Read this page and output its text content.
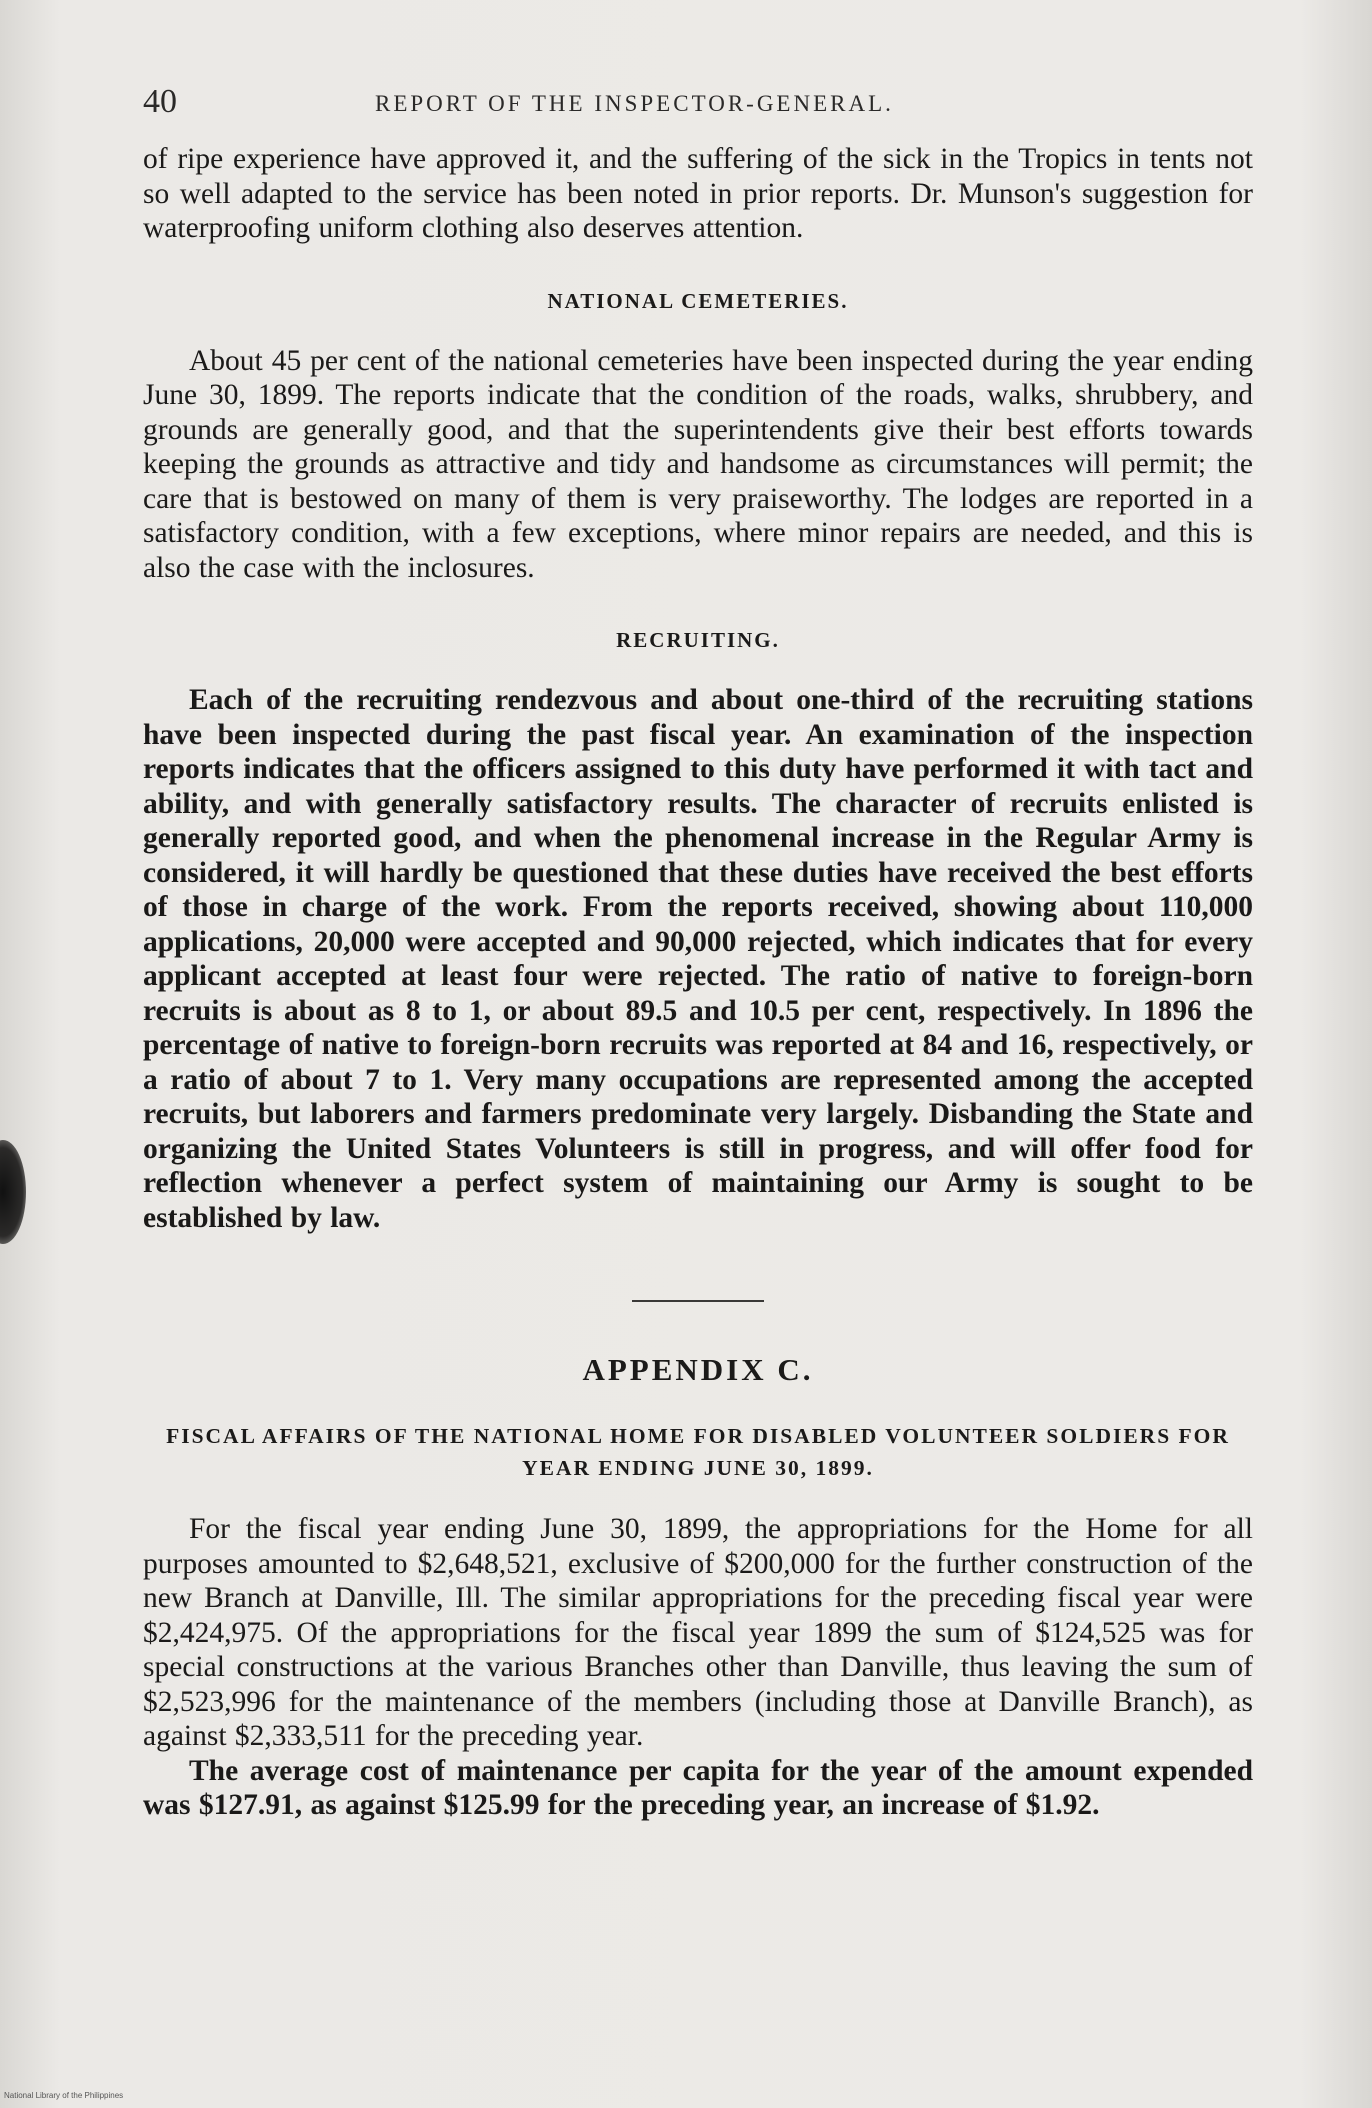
40	REPORT OF THE INSPECTOR-GENERAL.

of ripe experience have approved it, and the suffering of the sick in the Tropics in tents not so well adapted to the service has been noted in prior reports. Dr. Munson's suggestion for waterproofing uniform clothing also deserves attention.

NATIONAL CEMETERIES.

About 45 per cent of the national cemeteries have been inspected during the year ending June 30, 1899. The reports indicate that the condition of the roads, walks, shrubbery, and grounds are generally good, and that the superintendents give their best efforts towards keeping the grounds as attractive and tidy and handsome as circumstances will permit; the care that is bestowed on many of them is very praiseworthy. The lodges are reported in a satisfactory condition, with a few exceptions, where minor repairs are needed, and this is also the case with the inclosures.

RECRUITING.

Each of the recruiting rendezvous and about one-third of the recruiting stations have been inspected during the past fiscal year. An examination of the inspection reports indicates that the officers assigned to this duty have performed it with tact and ability, and with generally satisfactory results. The character of recruits enlisted is generally reported good, and when the phenomenal increase in the Regular Army is considered, it will hardly be questioned that these duties have received the best efforts of those in charge of the work. From the reports received, showing about 110,000 applications, 20,000 were accepted and 90,000 rejected, which indicates that for every applicant accepted at least four were rejected. The ratio of native to foreign-born recruits is about as 8 to 1, or about 89.5 and 10.5 per cent, respectively. In 1896 the percentage of native to foreign-born recruits was reported at 84 and 16, respectively, or a ratio of about 7 to 1. Very many occupations are represented among the accepted recruits, but laborers and farmers predominate very largely. Disbanding the State and organizing the United States Volunteers is still in progress, and will offer food for reflection whenever a perfect system of maintaining our Army is sought to be established by law.

APPENDIX C.
FISCAL AFFAIRS OF THE NATIONAL HOME FOR DISABLED VOLUNTEER SOLDIERS FOR YEAR ENDING JUNE 30, 1899.

For the fiscal year ending June 30, 1899, the appropriations for the Home for all purposes amounted to $2,648,521, exclusive of $200,000 for the further construction of the new Branch at Danville, Ill. The similar appropriations for the preceding fiscal year were $2,424,975. Of the appropriations for the fiscal year 1899 the sum of $124,525 was for special constructions at the various Branches other than Danville, thus leaving the sum of $2,523,996 for the maintenance of the members (including those at Danville Branch), as against $2,333,511 for the preceding year.

The average cost of maintenance per capita for the year of the amount expended was $127.91, as against $125.99 for the preceding year, an increase of $1.92.

National Library of the Philippines
